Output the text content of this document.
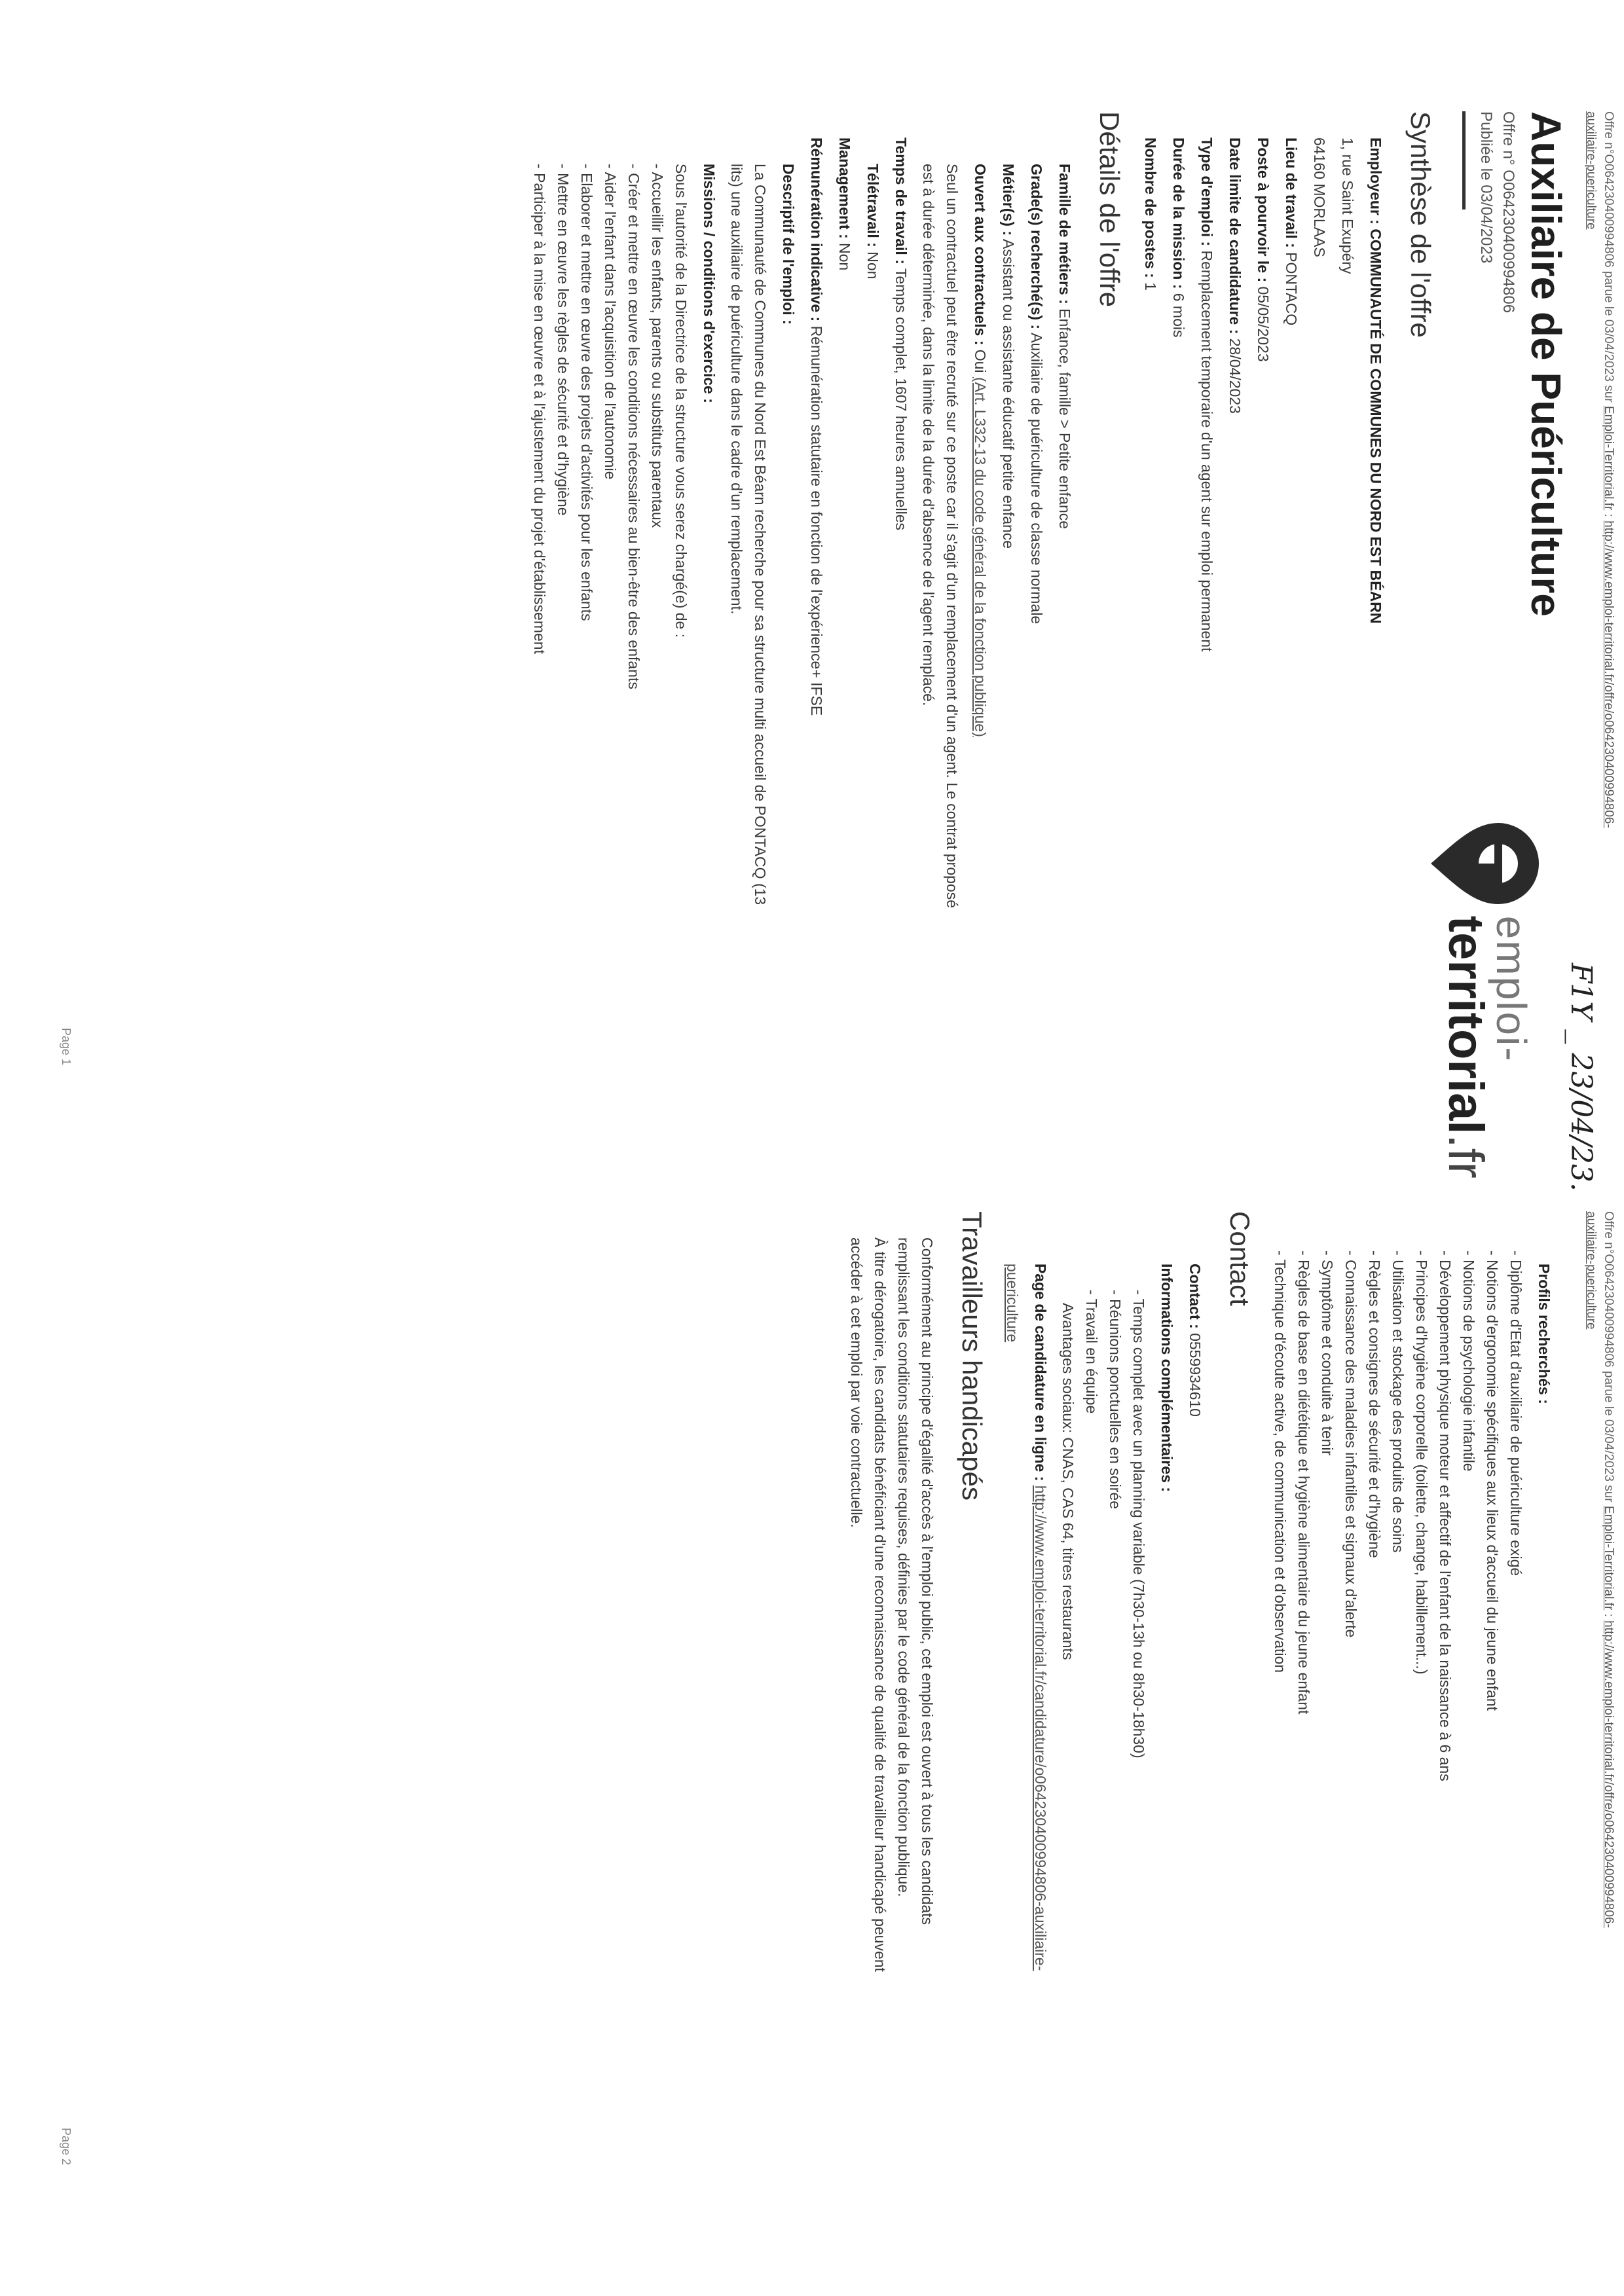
Offre n°O064230400994806 parue le 03/04/2023 sur Emploi-Territorial.fr : http://www.emploi-territorial.fr/offre/o064230400994806-
auxiliaire-puericulture
F1Y _ 23/04/23.
emploi-
territorial.fr
Auxiliaire de Puériculture
Offre n° O064230400994806
Publiée le 03/04/2023
Synthèse de l'offre
Employeur : COMMUNAUTÉ DE COMMUNES DU NORD EST BÉARN
1, rue Saint Exupéry
64160 MORLAAS
Lieu de travail : PONTACQ
Poste à pourvoir le : 05/05/2023
Date limite de candidature : 28/04/2023
Type d'emploi : Remplacement temporaire d'un agent sur emploi permanent
Durée de la mission : 6 mois
Nombre de postes : 1
Détails de l'offre
Famille de métiers : Enfance, famille > Petite enfance
Grade(s) recherché(s) : Auxiliaire de puériculture de classe normale
Métier(s) : Assistant ou assistante éducatif petite enfance
Ouvert aux contractuels : Oui (Art. L332-13 du code général de la fonction publique)
Seul un contractuel peut être recruté sur ce poste car il s'agit d'un remplacement d'un agent. Le contrat proposé
est à durée déterminée, dans la limite de la durée d'absence de l'agent remplacé.
Temps de travail : Temps complet, 1607 heures annuelles
Télétravail : Non
Management : Non
Rémunération indicative : Rémunération statutaire en fonction de l'expérience+ IFSE
Descriptif de l'emploi :
La Communauté de Communes du Nord Est Béarn recherche pour sa structure multi accueil de PONTACQ (13
lits) une auxiliaire de puériculture dans le cadre d'un remplacement.
Missions / conditions d'exercice :
Sous l'autorité de la Directrice de la structure vous serez chargé(e) de :
- Accueillir les enfants, parents ou substituts parentaux
- Créer et mettre en œuvre les conditions nécessaires au bien-être des enfants
- Aider l'enfant dans l'acquisition de l'autonomie
- Elaborer et mettre en œuvre des projets d'activités pour les enfants
- Mettre en œuvre les règles de sécurité et d'hygiène
- Participer à la mise en œuvre et à l'ajustement du projet d'établissement
Page 1
Offre n°O064230400994806 parue le 03/04/2023 sur Emploi-Territorial.fr : http://www.emploi-territorial.fr/offre/o064230400994806-
auxiliaire-puericulture
Profils recherchés :
- Diplôme d'Etat d'auxiliaire de puériculture exigé
- Notions d'ergonomie spécifiques aux lieux d'accueil du jeune enfant
- Notions de psychologie infantile
- Développement physique moteur et affectif de l'enfant de la naissance à 6 ans
- Principes d'hygiène corporelle (toilette, change, habillement...)
- Utilisation et stockage des produits de soins
- Règles et consignes de sécurité et d'hygiène
- Connaissance des maladies infantiles et signaux d'alerte
- Symptôme et conduite à tenir
- Règles de base en diététique et hygiène alimentaire du jeune enfant
- Technique d'écoute active, de communication et d'observation
Contact
Contact : 0559934610
Informations complémentaires :
- Temps complet avec un planning variable (7h30-13h ou 8h30-18h30)
- Réunions ponctuelles en soirée
- Travail en équipe
Avantages sociaux: CNAS, CAS 64, titres restaurants
Page de candidature en ligne : http://www.emploi-territorial.fr/candidature/o064230400994806-auxiliaire-
puericulture
Travailleurs handicapés
Conformément au principe d'égalité d'accès à l'emploi public, cet emploi est ouvert à tous les candidats
remplissant les conditions statutaires requises, définies par le code général de la fonction publique.
À titre dérogatoire, les candidats bénéficiant d'une reconnaissance de qualité de travailleur handicapé peuvent
accéder à cet emploi par voie contractuelle.
Page 2
